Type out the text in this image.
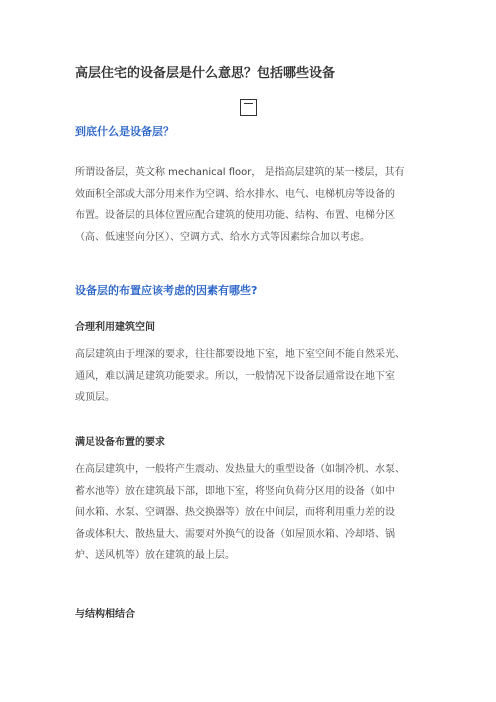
高层住宅的设备层是什么意思？包括哪些设备
到底什么是设备层？
所谓设备层，英文称 mechanical floor， 是指高层建筑的某一楼层，其有
效面积全部或大部分用来作为空调、给水排水、电气、电梯机房等设备的
布置。设备层的具体位置应配合建筑的使用功能、结构、布置、电梯分区
（高、低速竖向分区）、空调方式、给水方式等因素综合加以考虑。
设备层的布置应该考虑的因素有哪些?
合理利用建筑空间
高层建筑由于埋深的要求，往往都要设地下室，地下室空间不能自然采光、
通风，难以满足建筑功能要求。所以，一般情况下设备层通常设在地下室
或顶层。
满足设备布置的要求
在高层建筑中，一般将产生震动、发热量大的重型设备（如制冷机、水泵、
蓄水池等）放在建筑最下部，即地下室，将竖向负荷分区用的设备（如中
间水箱、水泵、空调器、热交换器等）放在中间层，而将利用重力差的设
备或体积大、散热量大、需要对外换气的设备（如屋顶水箱、冷却塔、锅
炉、送风机等）放在建筑的最上层。
与结构相结合
